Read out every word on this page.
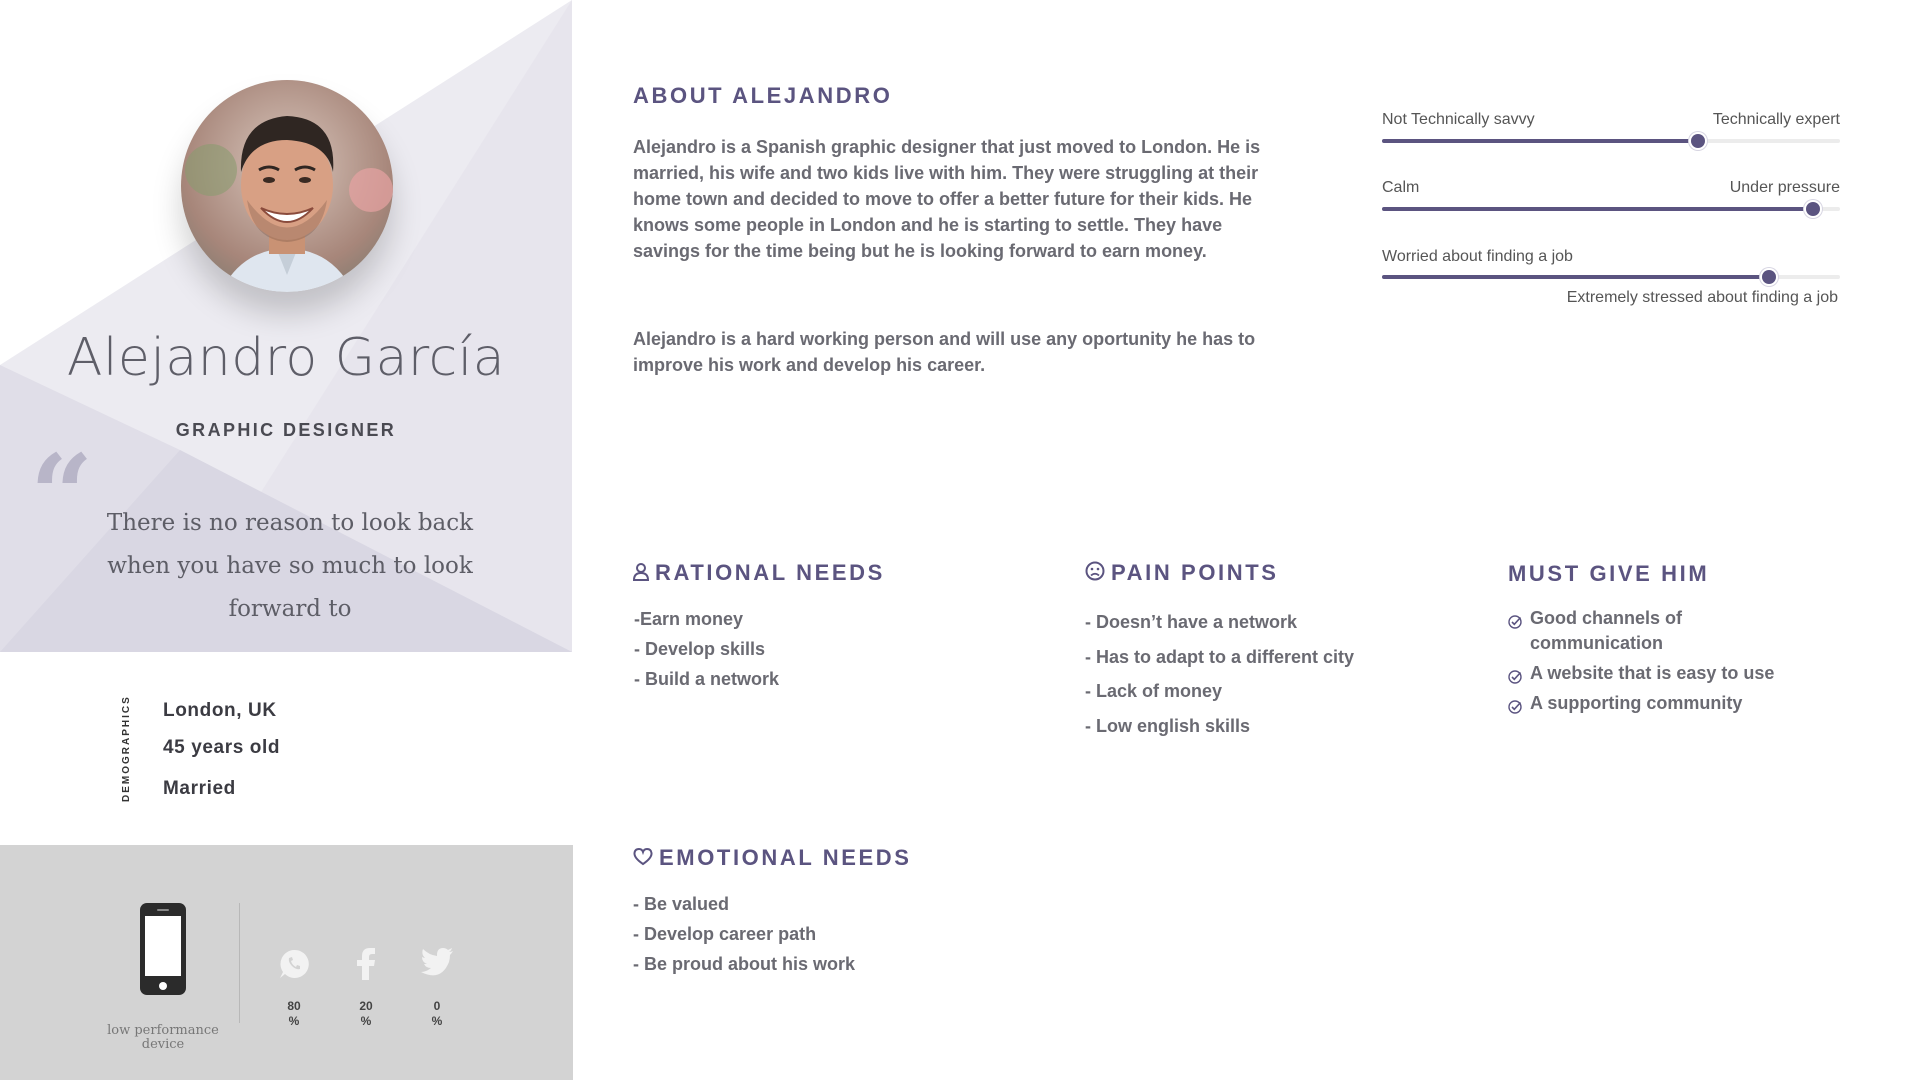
Alejandro García
GRAPHIC DESIGNER
“ There is no reason to look back when you have so much to look forward to
DEMOGRAPHICS London, UK
45 years old
Married
low performance device
80
%
20
%
0
%
ABOUT ALEJANDRO
Alejandro is a Spanish graphic designer that just moved to London. He is married, his wife and two kids live with him. They were struggling at their home town and decided to move to offer a better future for their kids. He knows some people in London and he is starting to settle. They have savings for the time being but he is looking forward to earn money.
Alejandro is a hard working person and will use any oportunity he has to improve his work and develop his career.
Not Technically savvy	Technically expert
Calm	Under pressure
Worried about finding a job
Extremely stressed about finding a job
RATIONAL NEEDS
-Earn money
- Develop skills
- Build a network
PAIN POINTS
- Doesn’t have a network
- Has to adapt to a different city
- Lack of money
- Low english skills
MUST GIVE HIM
Good channels of communication
A website that is easy to use
A supporting community
EMOTIONAL NEEDS
- Be valued
- Develop career path
- Be proud about his work
